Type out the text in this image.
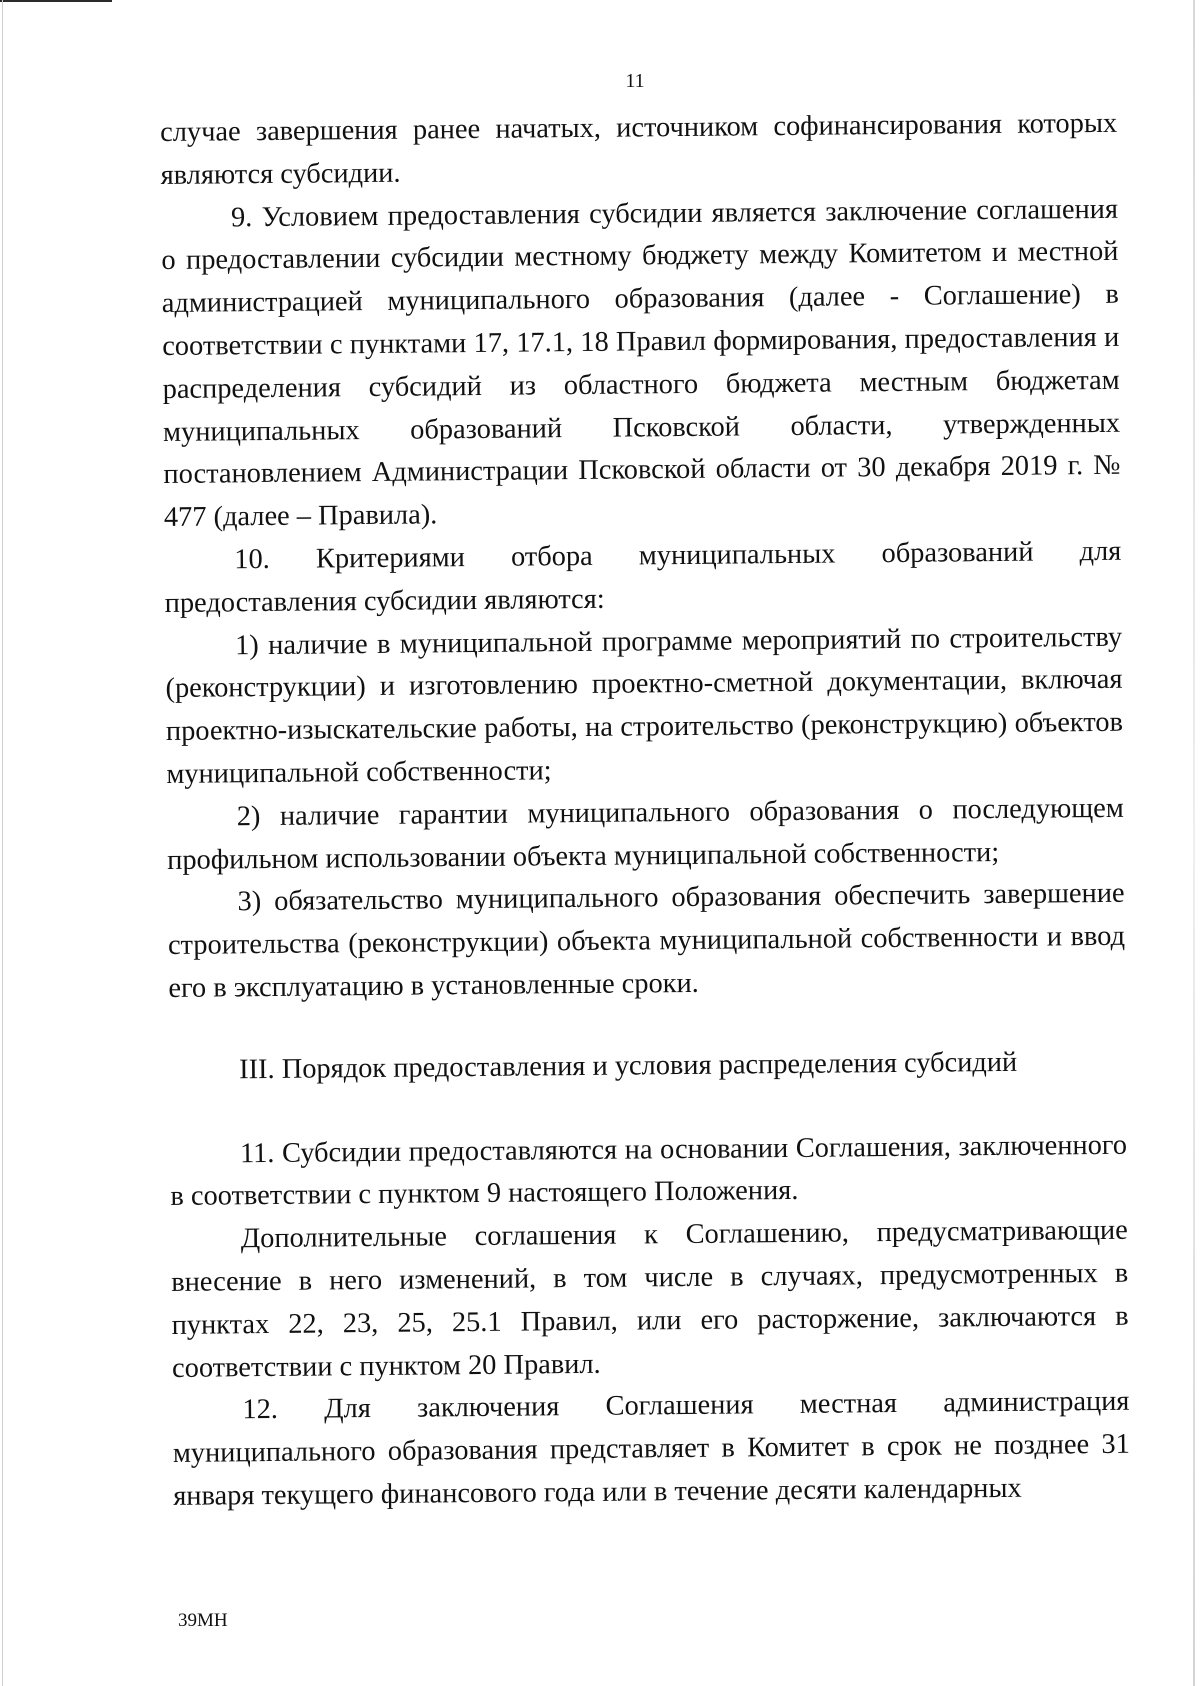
11

случае завершения ранее начатых, источником софинансирования которых являются субсидии.

9. Условием предоставления субсидии является заключение соглашения о предоставлении субсидии местному бюджету между Комитетом и местной администрацией муниципального образования (далее - Соглашение) в соответствии с пунктами 17, 17.1, 18 Правил формирования, предоставления и распределения субсидий из областного бюджета местным бюджетам муниципальных образований Псковской области, утвержденных постановлением Администрации Псковской области от 30 декабря 2019 г. № 477 (далее – Правила).

10. Критериями отбора муниципальных образований для предоставления субсидии являются:

1) наличие в муниципальной программе мероприятий по строительству (реконструкции) и изготовлению проектно-сметной документации, включая проектно-изыскательские работы, на строительство (реконструкцию) объектов муниципальной собственности;

2) наличие гарантии муниципального образования о последующем профильном использовании объекта муниципальной собственности;

3) обязательство муниципального образования обеспечить завершение строительства (реконструкции) объекта муниципальной собственности и ввод его в эксплуатацию в установленные сроки.

III. Порядок предоставления и условия распределения субсидий

11. Субсидии предоставляются на основании Соглашения, заключенного в соответствии с пунктом 9 настоящего Положения.

Дополнительные соглашения к Соглашению, предусматривающие внесение в него изменений, в том числе в случаях, предусмотренных в пунктах 22, 23, 25, 25.1 Правил, или его расторжение, заключаются в соответствии с пунктом 20 Правил.

12. Для заключения Соглашения местная администрация муниципального образования представляет в Комитет в срок не позднее 31 января текущего финансового года или в течение десяти календарных

39МН
